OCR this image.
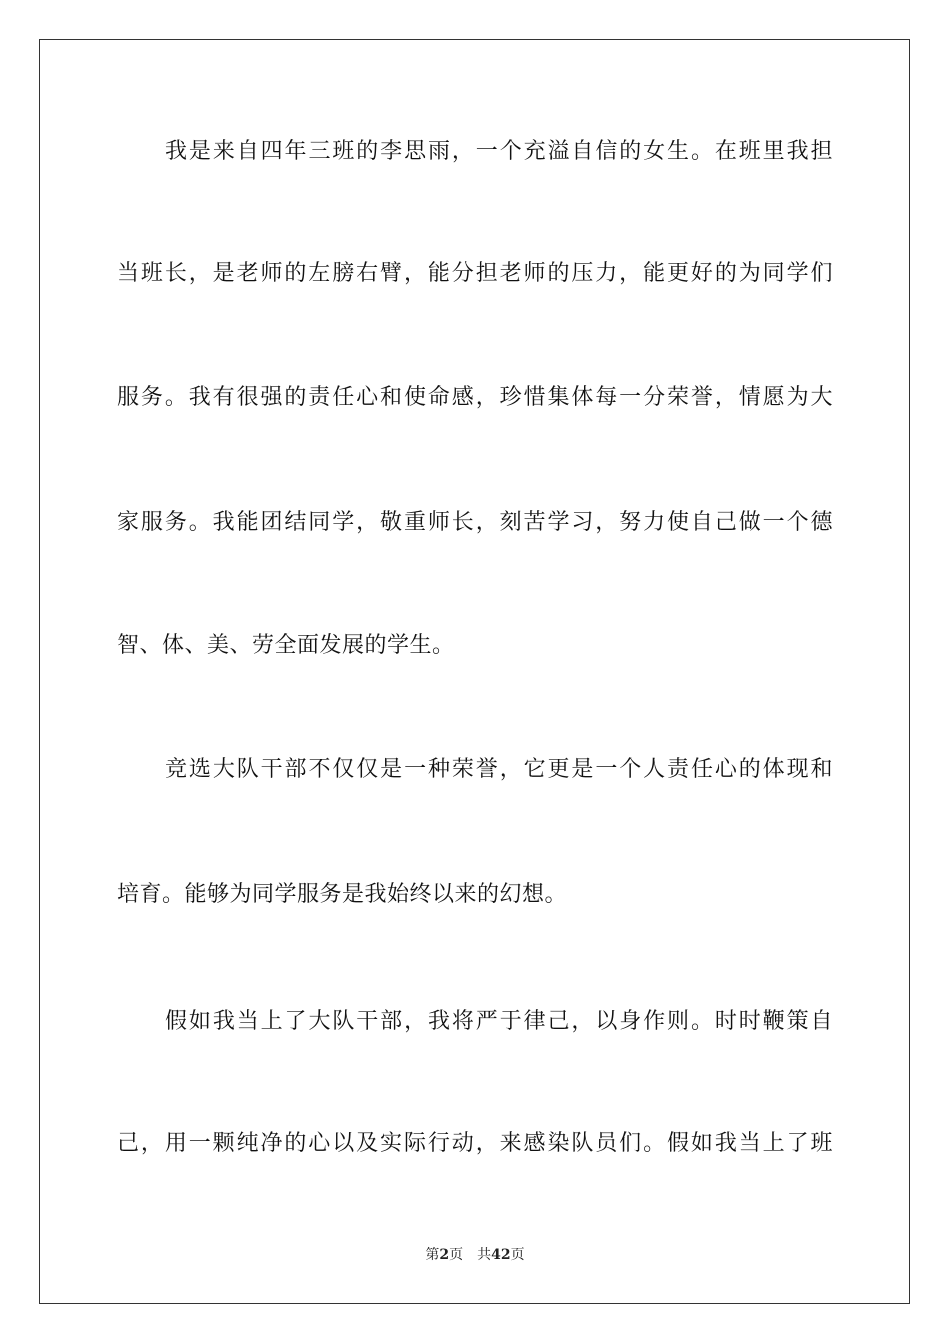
我是来自四年三班的李思雨，一个充溢自信的女生。在班里我担
当班长，是老师的左膀右臂，能分担老师的压力，能更好的为同学们
服务。我有很强的责任心和使命感，珍惜集体每一分荣誉，情愿为大
家服务。我能团结同学，敬重师长，刻苦学习，努力使自己做一个德
智、体、美、劳全面发展的学生。
竞选大队干部不仅仅是一种荣誉，它更是一个人责任心的体现和
培育。能够为同学服务是我始终以来的幻想。
假如我当上了大队干部，我将严于律己，以身作则。时时鞭策自
己，用一颗纯净的心以及实际行动，来感染队员们。假如我当上了班
第2页 共42页
